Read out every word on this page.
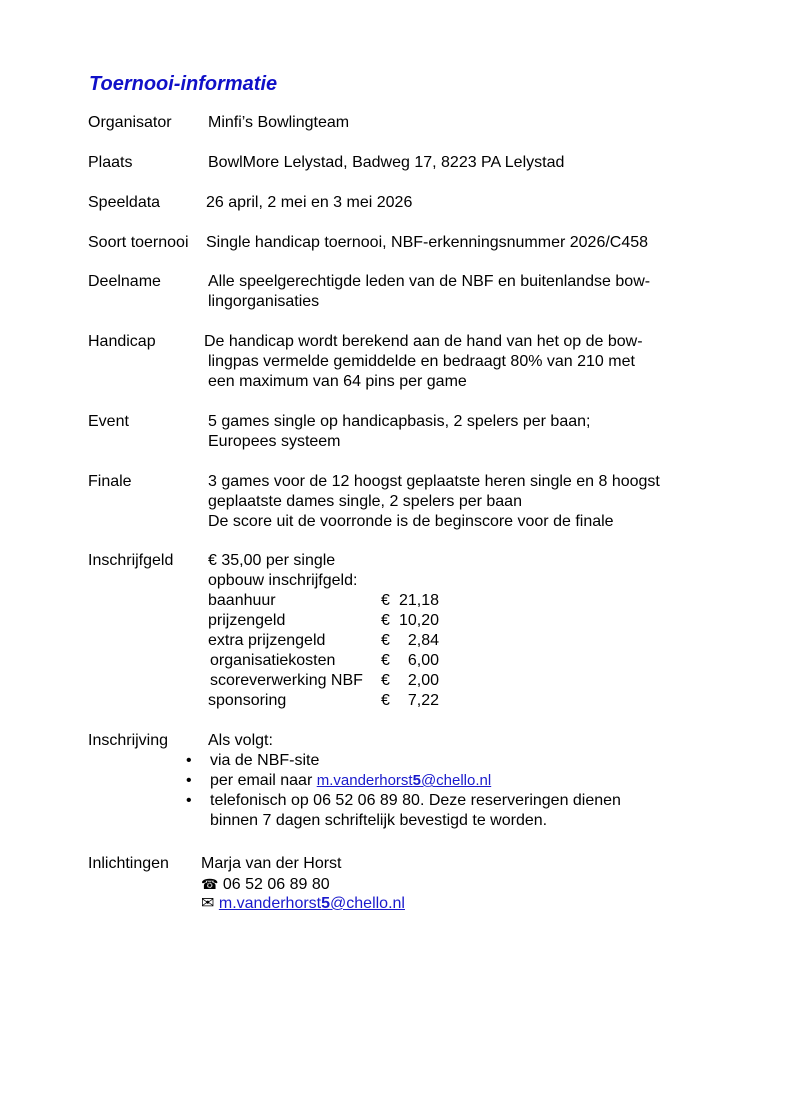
Toernooi-informatie
Organisator Minfi’s Bowlingteam
Plaats	BowlMore Lelystad, Badweg 17, 8223 PA Lelystad
Speeldata	26 april, 2 mei en 3 mei 2026
Soort toernooi Single handicap toernooi, NBF-erkenningsnummer 2026/C458
Deelname	Alle speelgerechtigde leden van de NBF en buitenlandse bow-
lingorganisaties
Handicap	De handicap wordt berekend aan de hand van het op de bow-
lingpas vermelde gemiddelde en bedraagt 80% van 210 met
een maximum van 64 pins per game
Event	5 games single op handicapbasis, 2 spelers per baan;
Europees systeem
Finale	3 games voor de 12 hoogst geplaatste heren single en 8 hoogst
geplaatste dames single, 2 spelers per baan
De score uit de voorronde is de beginscore voor de finale
Inschrijfgeld € 35,00 per single
opbouw inschrijfgeld:
baanhuur	€ 21,18
prijzengeld	€ 10,20
extra prijzengeld	€	2,84
organisatiekosten	€	6,00
scoreverwerking NBF €	2,00
sponsoring	€	7,22
Inschrijving Als volgt:
• via de NBF-site
• per email naar m.vanderhorst5@chello.nl
• telefonisch op 06 52 06 89 80. Deze reserveringen dienen
binnen 7 dagen schriftelijk bevestigd te worden.
Inlichtingen Marja van der Horst
☎ 06 52 06 89 80
✉ m.vanderhorst5@chello.nl
